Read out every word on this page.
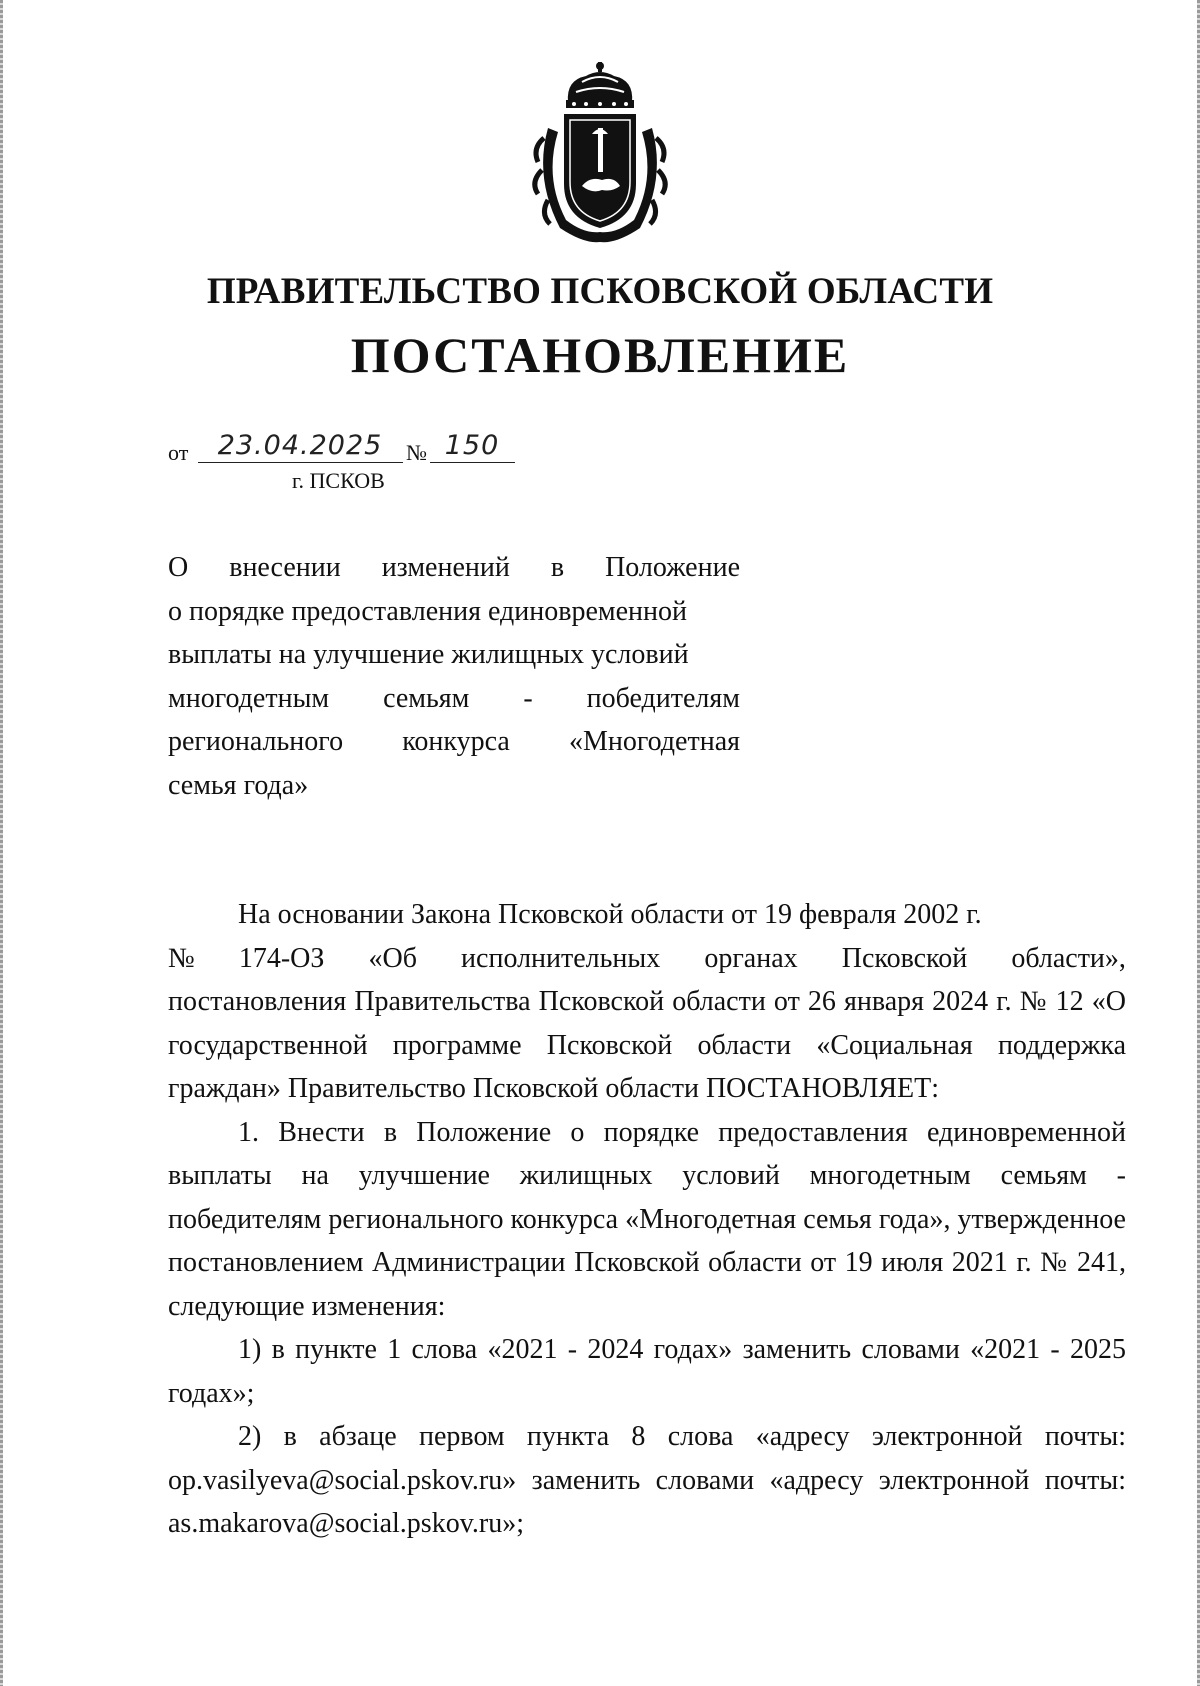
ПРАВИТЕЛЬСТВО ПСКОВСКОЙ ОБЛАСТИ
ПОСТАНОВЛЕНИЕ
от	23.04.2025	№ 150
г. ПСКОВ
О внесении изменений в Положение
о порядке предоставления единовременной
выплаты на улучшение жилищных условий
многодетным семьям - победителям
регионального конкурса «Многодетная
семья года»

На основании Закона Псковской области от 19 февраля 2002 г.

№ 174-ОЗ «Об исполнительных органах Псковской области»,

постановления Правительства Псковской области от 26 января 2024 г. № 12 «О государственной программе Псковской области «Социальная поддержка граждан» Правительство Псковской области ПОСТАНОВЛЯЕТ:

1. Внести в Положение о порядке предоставления единовременной выплаты на улучшение жилищных условий многодетным семьям - победителям регионального конкурса «Многодетная семья года», утвержденное постановлением Администрации Псковской области от 19 июля 2021 г. № 241, следующие изменения:

1) в пункте 1 слова «2021 - 2024 годах» заменить словами «2021 - 2025 годах»;

2) в абзаце первом пункта 8 слова «адресу электронной почты: op.vasilyeva@social.pskov.ru» заменить словами «адресу электронной почты: as.makarova@social.pskov.ru»;
